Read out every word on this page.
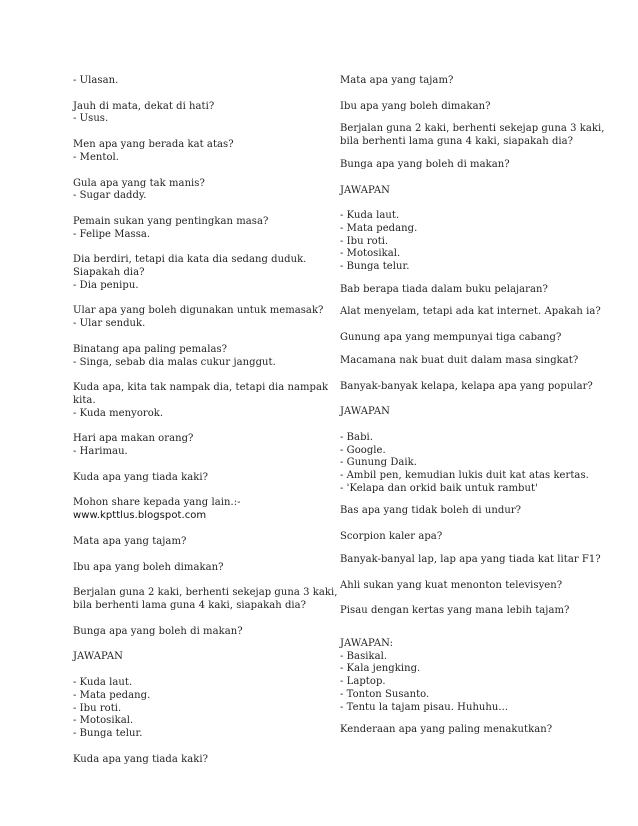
- Ulasan.
Jauh di mata, dekat di hati?
- Usus.
Men apa yang berada kat atas?
- Mentol.
Gula apa yang tak manis?
- Sugar daddy.
Pemain sukan yang pentingkan masa?
- Felipe Massa.
Dia berdiri, tetapi dia kata dia sedang duduk.
Siapakah dia?
- Dia penipu.
Ular apa yang boleh digunakan untuk memasak?
- Ular senduk.
Binatang apa paling pemalas?
- Singa, sebab dia malas cukur janggut.
Kuda apa, kita tak nampak dia, tetapi dia nampak
kita.
- Kuda menyorok.
Hari apa makan orang?
- Harimau.
Kuda apa yang tiada kaki?
Mohon share kepada yang lain.:-
www.kpttlus.blogspot.com
Mata apa yang tajam?
Ibu apa yang boleh dimakan?
Berjalan guna 2 kaki, berhenti sekejap guna 3 kaki,
bila berhenti lama guna 4 kaki, siapakah dia?
Bunga apa yang boleh di makan?
JAWAPAN
- Kuda laut.
- Mata pedang.
- Ibu roti.
- Motosikal.
- Bunga telur.
Kuda apa yang tiada kaki?
Mata apa yang tajam?
Ibu apa yang boleh dimakan?
Berjalan guna 2 kaki, berhenti sekejap guna 3 kaki,
bila berhenti lama guna 4 kaki, siapakah dia?
Bunga apa yang boleh di makan?
JAWAPAN
- Kuda laut.
- Mata pedang.
- Ibu roti.
- Motosikal.
- Bunga telur.
Bab berapa tiada dalam buku pelajaran?
Alat menyelam, tetapi ada kat internet. Apakah ia?
Gunung apa yang mempunyai tiga cabang?
Macamana nak buat duit dalam masa singkat?
Banyak-banyak kelapa, kelapa apa yang popular?
JAWAPAN
- Babi.
- Google.
- Gunung Daik.
- Ambil pen, kemudian lukis duit kat atas kertas.
- 'Kelapa dan orkid baik untuk rambut'
Bas apa yang tidak boleh di undur?
Scorpion kaler apa?
Banyak-banyal lap, lap apa yang tiada kat litar F1?
Ahli sukan yang kuat menonton televisyen?
Pisau dengan kertas yang mana lebih tajam?
JAWAPAN:
- Basikal.
- Kala jengking.
- Laptop.
- Tonton Susanto.
- Tentu la tajam pisau. Huhuhu...
Kenderaan apa yang paling menakutkan?
